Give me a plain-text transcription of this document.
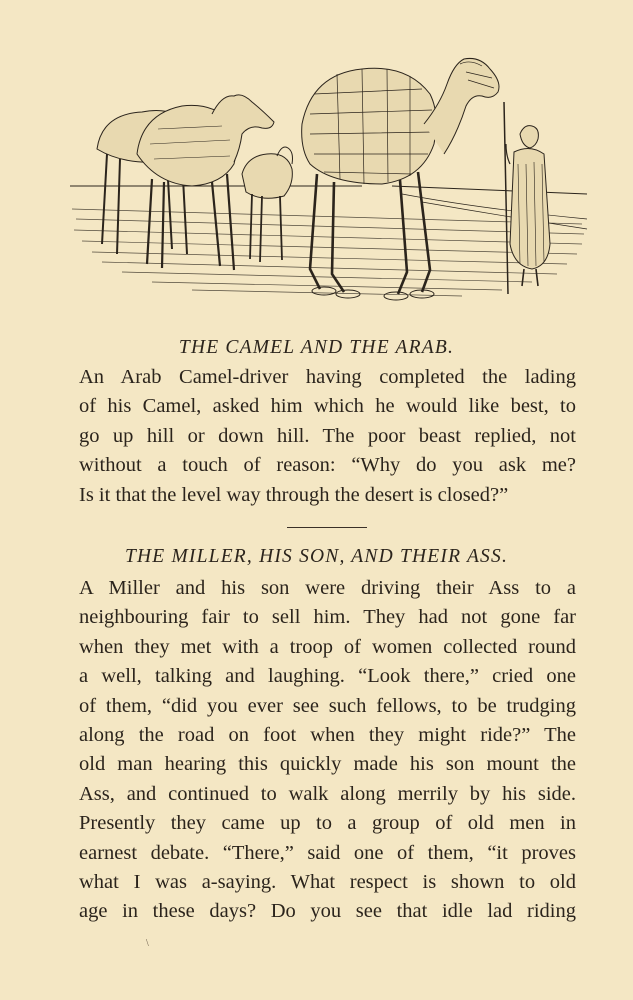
THE CAMEL AND THE ARAB.
An Arab Camel-driver having completed the lading
of his Camel, asked him which he would like best, to
go up hill or down hill. The poor beast replied, not
without a touch of reason: “Why do you ask me?
Is it that the level way through the desert is closed?”
THE MILLER, HIS SON, AND THEIR ASS.
A Miller and his son were driving their Ass to a
neighbouring fair to sell him. They had not gone far
when they met with a troop of women collected round
a well, talking and laughing. “Look there,” cried one
of them, “did you ever see such fellows, to be trudging
along the road on foot when they might ride?” The
old man hearing this quickly made his son mount the
Ass, and continued to walk along merrily by his side.
Presently they came up to a group of old men in
earnest debate. “There,” said one of them, “it proves
what I was a-saying. What respect is shown to old
age in these days? Do you see that idle lad riding
\
